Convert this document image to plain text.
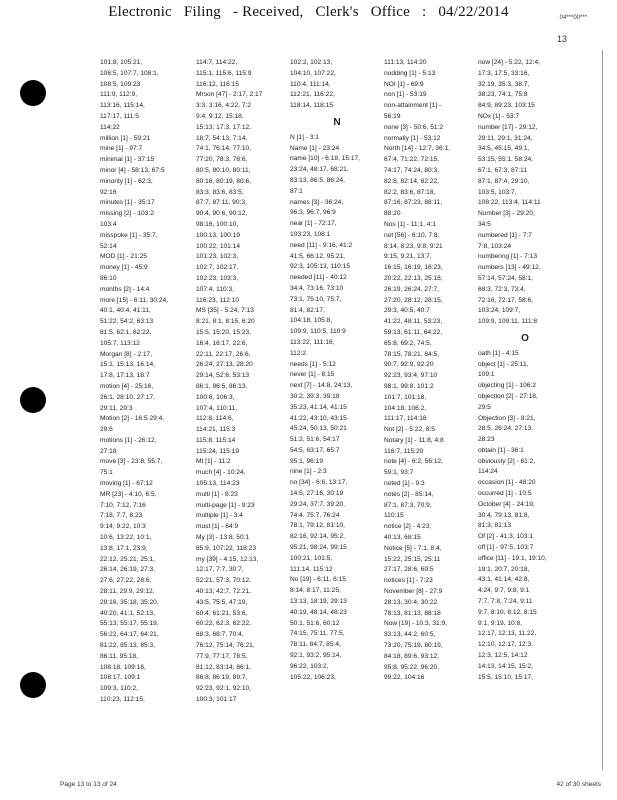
Electronic Filing - Received, Clerk's Office : 04/22/2014	04***00***
13
101:8, 105:21,
106:5, 107:7, 108:1,
108:5, 109:23
111:9, 112:9,
113:16, 115:14,
117:17, 111:5
114:22
million [1] - 59:21
mine [1] - 97:7
minimal [1] - 37:15
minor [4] - 58:13, 67:5
minority [1] - 62:3,
92:16
minutes [1] - 35:17
missing [2] - 103:2
103:4
misspoke [1] - 35:7,
52:14
MOD [1] - 21:25
money [1] - 45:9
86:10
months [2] - 14:4
more [15] - 6:11, 30:24,
40:1, 40:4, 41:11,
51:22, 54:2, 63:13
81:5, 62:1, 82:22,
105:7, 113:12
Morgan [8] - 2:17,
15:1, 15:13, 16:14,
17:8, 17:13, 18:7
motion [4] - 25:16,
26:1, 28:10, 27:17,
29:11, 29:3
Motion [2] - 16:5 29:4,
29:6
motions [1] - 26:12,
27:18
move [3] - 23:8, 55:7,
75:1
moving [1] - 67:12
MR [23] - 4:10, 6:5,
7:10, 7:12, 7:16
7:18, 7:7, 8:23
9:14, 9:22, 10:3
10:6, 13:22, 10:1,
13:8, 17:1, 23:9,
22:12, 25:21, 25:1,
26:14, 26:19, 27:3,
27:6, 27:22, 28:6,
28:11, 29:9, 29:12,
29:16, 35:18, 35:20,
40:20, 41:1, 52:13,
55:13, 55:17, 55:19,
56:22, 64:17, 64:21,
81:22, 85:13, 85:3,
86:11, 95:18,
108:18, 109:16,
108:17, 109:1
109:3, 110:2,
110:23, 112:15,
114:7, 114:22,
115:1, 115:6, 115:9
116:12, 116:15
Mrson [47] - 2:17, 2:17
3:3, 3:16, 4:22, 7:2
9:4, 9:12, 15:18,
15:13, 17:3, 17:12,
18:7, 54:13, 7:14,
74:1, 76:14, 77:10,
77:20, 78:3, 78:6,
80:5, 80:10, 80:11,
80:16, 80:19, 80:6,
83:3, 83:6, 83:5,
87:7, 87:11, 90:3,
90:4, 90:6, 90:12,
98:16, 100:10,
100:13, 100:19
100:22, 101:14
101:23, 102:3,
102:7, 102:17,
102:23, 103:3,
107:4, 110:3,
116:23, 112:10
MS [35] - 5:24, 7:13
8:21, 8:1, 8:15, 6:20
15:5, 15:20, 15:23,
16:4, 16:17, 22:6,
22:11, 22:17, 26:6,
26:24, 27:13, 28:20
29:14, 52:6, 53:13
86:1, 86:5, 86:13,
100:6, 106:3,
107:4, 110:11,
112:8, 114:6,
114:21, 115:3
115:8, 115:14
115:24, 115:19
Mt [1] - 11:2
much [4] - 10:24,
105:13, 114:23
multi [1] - 8:23
multi-page [1] - 9:23
multiple [1] - 3:4
must [1] - 64:9
My [3] - 13:8, 50:1
85:9, 107:22, 118:23
my [39] - 4:15, 12:13,
12:17, 7:7, 30:7,
52:21, 57:3, 70:12,
40:13, 42:7, 72:21,
43:5, 75:5, 47:19,
60:4, 61:21, 53:6,
60:22, 62:3, 62:22,
68:3, 68:7, 70:4,
76:12, 75:14, 76:21,
77:9, 77:17, 78:5,
81:12, 83:14, 86:1,
86:8, 86:19, 89:7,
92:23, 92:1, 92:10,
100:3, 101:17
102:2, 102:13,
104:10, 107:22,
110:4, 111:14,
112:21, 116:22,
118:14, 118:15
N
N [1] - 3:1
Name [1] - 23:24
name [10] - 6:18, 15:17,
23:24, 48:17, 68:21,
83:13, 86:5, 86:24,
87:1
names [3] - 36:24,
96:3, 96:7, 96:9
near [1] - 72:17,
103:23, 108:1
need [11] - 9:16, 41:2
41:5, 66:12, 95:21,
92:3, 105:13, 110:15
needed [11] - 40:12
34:4, 73:16, 73:10
73:1, 75:10, 75:7,
81:4, 82:17,
104:18, 105:8,
109:9, 110:5, 110:9
113:22, 111:16,
112:2
needs [1] - 5:12
never [1] - 8:15
next [7] - 14:8, 24:13,
30:2, 39:3, 39:18
35:23, 41:14, 41:15
41:22, 43:10, 43:15
45:24, 50:13, 50:21
51:2, 51:6, 54:17
54:5, 63:17, 65:7
95:1, 96:19
nine [1] - 2:3
no [34] - 6:6, 13:17,
14:5, 27:16, 30:19
29:24, 37:7, 39:20,
74:4, 75:7, 76:24
78:1, 79:12, 81:10,
82:16, 92:14, 95:2,
95:21, 98:24, 99:15
100:21, 101:5,
111:14, 115:12
No [19] - 6:11, 6:15
8:14, 8:17, 11:25,
13:13, 18:19, 29:13
40:19, 48:14, 48:23
50:1, 51:6, 60:12
74:15, 75:11, 77:5,
78:11, 84:7, 85:4,
92:1, 93:2, 95:14,
96:22, 103:2,
105:22, 106:23,
111:13, 114:20
nodding [1] - 5:13
NOI [1] - 69:9
non [1] - 53:19
non-attainment [1] -
56:19
none [3] - 50:6, 51:2
normally [1] - 53:12
North [14] - 12:7, 36:1,
67:4, 71:22, 72:15,
74:17, 74:24, 80:3,
82:8, 82:14, 82:22,
82:2, 83:6, 87:18,
87:16, 87:23, 88:11,
88:20
Nos [1] - 11:1, 4:1
not [56] - 6:10, 7:8,
8:14, 8:23, 9:8, 9:21
9:15, 9:21, 13:7,
16:15, 16:19, 16:23,
20:22, 22:13, 25:18,
26:19, 26:24, 27:7,
27:20, 28:12, 28:15,
29:3, 40:5, 40:7
41:22, 48:11, 53:23,
59:13, 61:11, 64:22,
65:8, 69:2, 74:5,
78:15, 78:21, 84:5,
90:7, 92:9, 92:20
92:23, 93:4, 97:10
98:1, 99:8, 101:2
101:7, 101:18,
104:18, 106:2,
111:17, 114:18
Not [2] - 5:22, 8:5
Notary [1] - 11:8, 4:8
116:7, 115:20
note [4] - 6:2, 56:12,
59:1, 93:7
noted [1] - 9:3
notes [2] - 85:14,
87:1, 87:3, 70:9,
110:15
notice [2] - 4:23,
40:13, 68:15
Notice [5] - 7:1, 8:4,
15:22, 25:15, 25:11
27:17, 28:6, 69:5
notices [1] - 7:23
November [8] - 27:9
28:13, 30:4, 30:22
78:13, 81:13, 88:18
Now [19] - 10:3, 31:9,
33:13, 44:2, 60:5,
73:20, 75:19, 80:19,
84:18, 89:6, 93:12,
95:8, 95:22, 96:20,
99:22, 104:16
now [24] - 5:22, 12:4,
17:3, 17:5, 33:16,
32:19, 35:3, 38:7,
38:23, 74:1, 75:8
84:9, 89:23, 103:15
NOx [1] - 53:7
number [17] - 29:12,
29:11, 29:1, 31:24,
34:5, 45:15, 49:1,
53:15, 55:1, 58:24,
67:1, 67:3, 87:11
87:1, 87:4, 29:10,
103:5, 103:7,
108:22, 113:4, 114:11
Number [3] - 29:20,
34:5
numbered [1] - 7:7
7:8, 103:24
numbering [1] - 7:13
numbers [13] - 49:12,
57:14, 57:24, 58:1,
68:3, 72:3, 73:4,
72:16, 72:17, 58:6,
103:24, 109:7,
109:9, 109:11, 111:8
O
oath [1] - 4:15
object [1] - 25:11,
109:1
objecting [1] - 106:2
objection [2] - 27:18,
29:5
Objection [3] - 8:21,
28:5, 26:24, 27:13,
28:23
obtain [1] - 36:1
obviously [2] - 61:2,
114:24
occasion [1] - 48:20
occurred [1] - 10:5
October [4] - 24:19,
30:4, 79:13, 81:8,
81:3, 81:13
Of [2] - 41:3, 103:1
off [1] - 97:5, 103:7
office [11] - 19:1, 19:10,
19:1, 20:7, 20:18,
43:1, 41:14, 42:8,
4:24, 9:7, 9:8, 9:1
7:7, 7:8, 7:24, 9:11
9:7, 8:10, 8:12, 8:15
9:1, 9:19, 10:8,
12:17, 12:13, 11:22,
12:10, 12:17, 12:3,
12:3, 12:5, 14:12
14:13, 14:15, 15:2,
15:5, 15:10, 15:17,
Page 13 to 13 of 24	42 of 30 sheets
